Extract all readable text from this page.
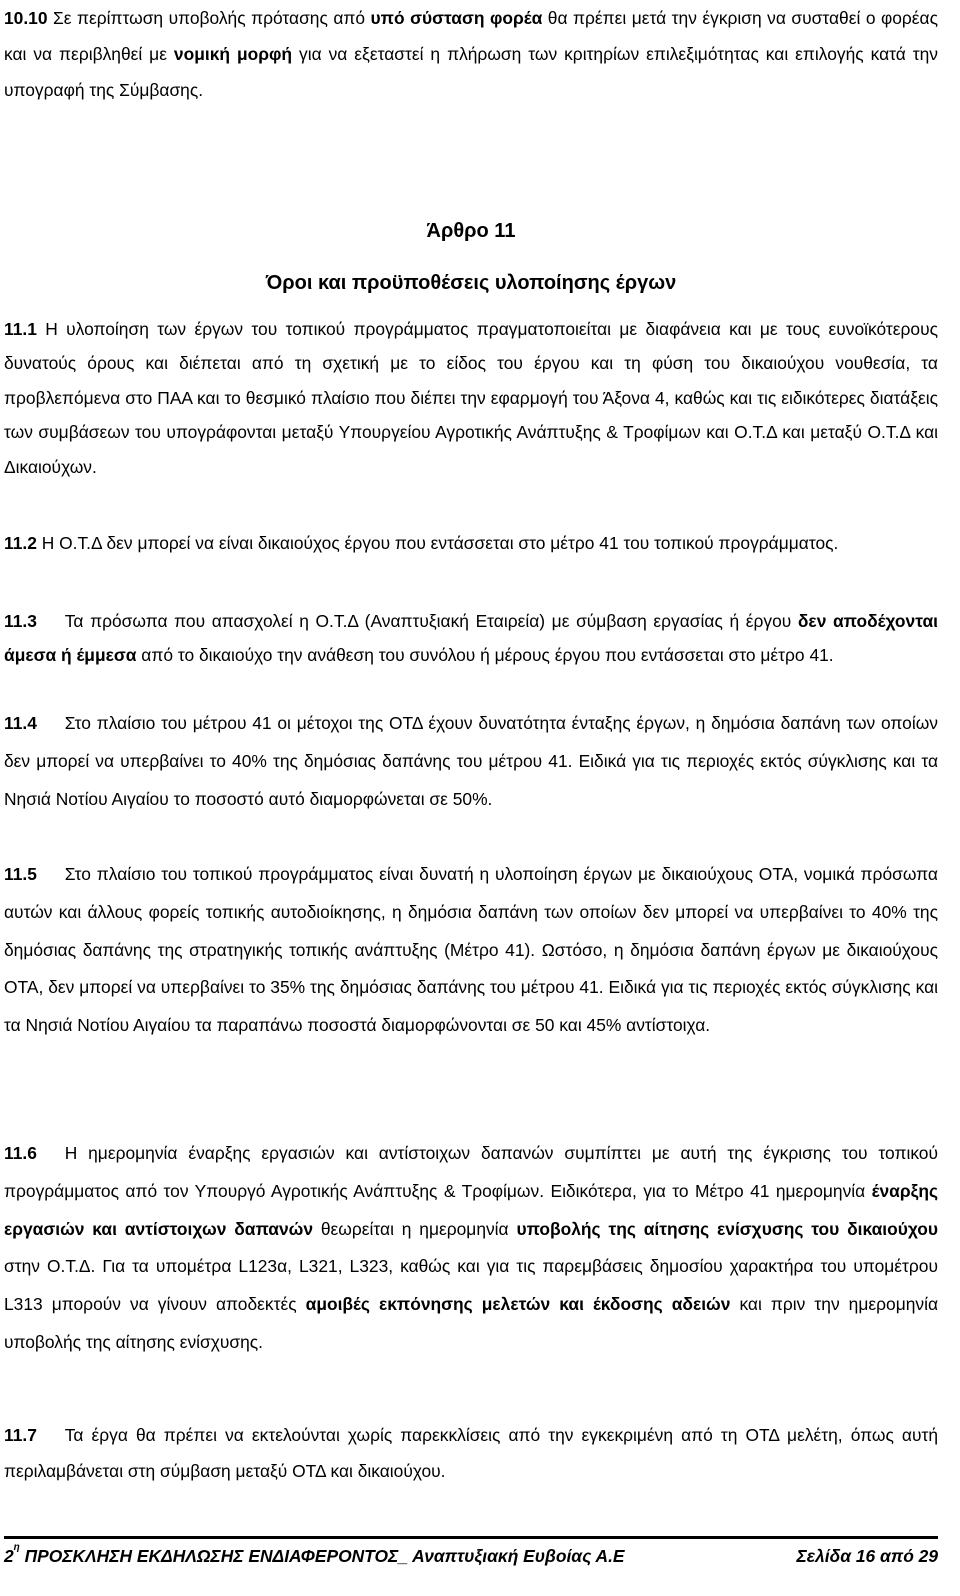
10.10 Σε περίπτωση υποβολής πρότασης από υπό σύσταση φορέα θα πρέπει μετά την έγκριση να συσταθεί ο φορέας και να περιβληθεί με νομική μορφή για να εξεταστεί η πλήρωση των κριτηρίων επιλεξιμότητας και επιλογής κατά την υπογραφή της Σύμβασης.

Άρθρο 11
Όροι και προϋποθέσεις υλοποίησης έργων

11.1 Η υλοποίηση των έργων του τοπικού προγράμματος πραγματοποιείται με διαφάνεια και με τους ευνοϊκότερους δυνατούς όρους και διέπεται από τη σχετική με το είδος του έργου και τη φύση του δικαιούχου νουθεσία, τα προβλεπόμενα στο ΠΑΑ και το θεσμικό πλαίσιο που διέπει την εφαρμογή του Άξονα 4, καθώς και τις ειδικότερες διατάξεις των συμβάσεων του υπογράφονται μεταξύ Υπουργείου Αγροτικής Ανάπτυξης & Τροφίμων και Ο.Τ.Δ και μεταξύ Ο.Τ.Δ και Δικαιούχων.

11.2 Η Ο.Τ.Δ δεν μπορεί να είναι δικαιούχος έργου που εντάσσεται στο μέτρο 41 του τοπικού προγράμματος.

11.3 Τα πρόσωπα που απασχολεί η Ο.Τ.Δ (Αναπτυξιακή Εταιρεία) με σύμβαση εργασίας ή έργου δεν αποδέχονται άμεσα ή έμμεσα από το δικαιούχο την ανάθεση του συνόλου ή μέρους έργου που εντάσσεται στο μέτρο 41.

11.4 Στο πλαίσιο του μέτρου 41 οι μέτοχοι της ΟΤΔ έχουν δυνατότητα ένταξης έργων, η δημόσια δαπάνη των οποίων δεν μπορεί να υπερβαίνει το 40% της δημόσιας δαπάνης του μέτρου 41. Ειδικά για τις περιοχές εκτός σύγκλισης και τα Νησιά Νοτίου Αιγαίου το ποσοστό αυτό διαμορφώνεται σε 50%.

11.5 Στο πλαίσιο του τοπικού προγράμματος είναι δυνατή η υλοποίηση έργων με δικαιούχους ΟΤΑ, νομικά πρόσωπα αυτών και άλλους φορείς τοπικής αυτοδιοίκησης, η δημόσια δαπάνη των οποίων δεν μπορεί να υπερβαίνει το 40% της δημόσιας δαπάνης της στρατηγικής τοπικής ανάπτυξης (Μέτρο 41). Ωστόσο, η δημόσια δαπάνη έργων με δικαιούχους ΟΤΑ, δεν μπορεί να υπερβαίνει το 35% της δημόσιας δαπάνης του μέτρου 41. Ειδικά για τις περιοχές εκτός σύγκλισης και τα Νησιά Νοτίου Αιγαίου τα παραπάνω ποσοστά διαμορφώνονται σε 50 και 45% αντίστοιχα.

11.6 Η ημερομηνία έναρξης εργασιών και αντίστοιχων δαπανών συμπίπτει με αυτή της έγκρισης του τοπικού προγράμματος από τον Υπουργό Αγροτικής Ανάπτυξης & Τροφίμων. Ειδικότερα, για το Μέτρο 41 ημερομηνία έναρξης εργασιών και αντίστοιχων δαπανών θεωρείται η ημερομηνία υποβολής της αίτησης ενίσχυσης του δικαιούχου στην Ο.Τ.Δ. Για τα υπομέτρα L123α, L321, L323, καθώς και για τις παρεμβάσεις δημοσίου χαρακτήρα του υπομέτρου L313 μπορούν να γίνουν αποδεκτές αμοιβές εκπόνησης μελετών και έκδοσης αδειών και πριν την ημερομηνία υποβολής της αίτησης ενίσχυσης.

11.7 Τα έργα θα πρέπει να εκτελούνται χωρίς παρεκκλίσεις από την εγκεκριμένη από τη ΟΤΔ μελέτη, όπως αυτή περιλαμβάνεται στη σύμβαση μεταξύ ΟΤΔ και δικαιούχου.

$2^\eta$ ΠΡΟΣΚΛΗΣΗ ΕΚΔΗΛΩΣΗΣ ΕΝΔΙΑΦΕΡΟΝΤΟΣ_ Αναπτυξιακή Ευβοίας Α.Ε	Σελίδα 16 από 29
